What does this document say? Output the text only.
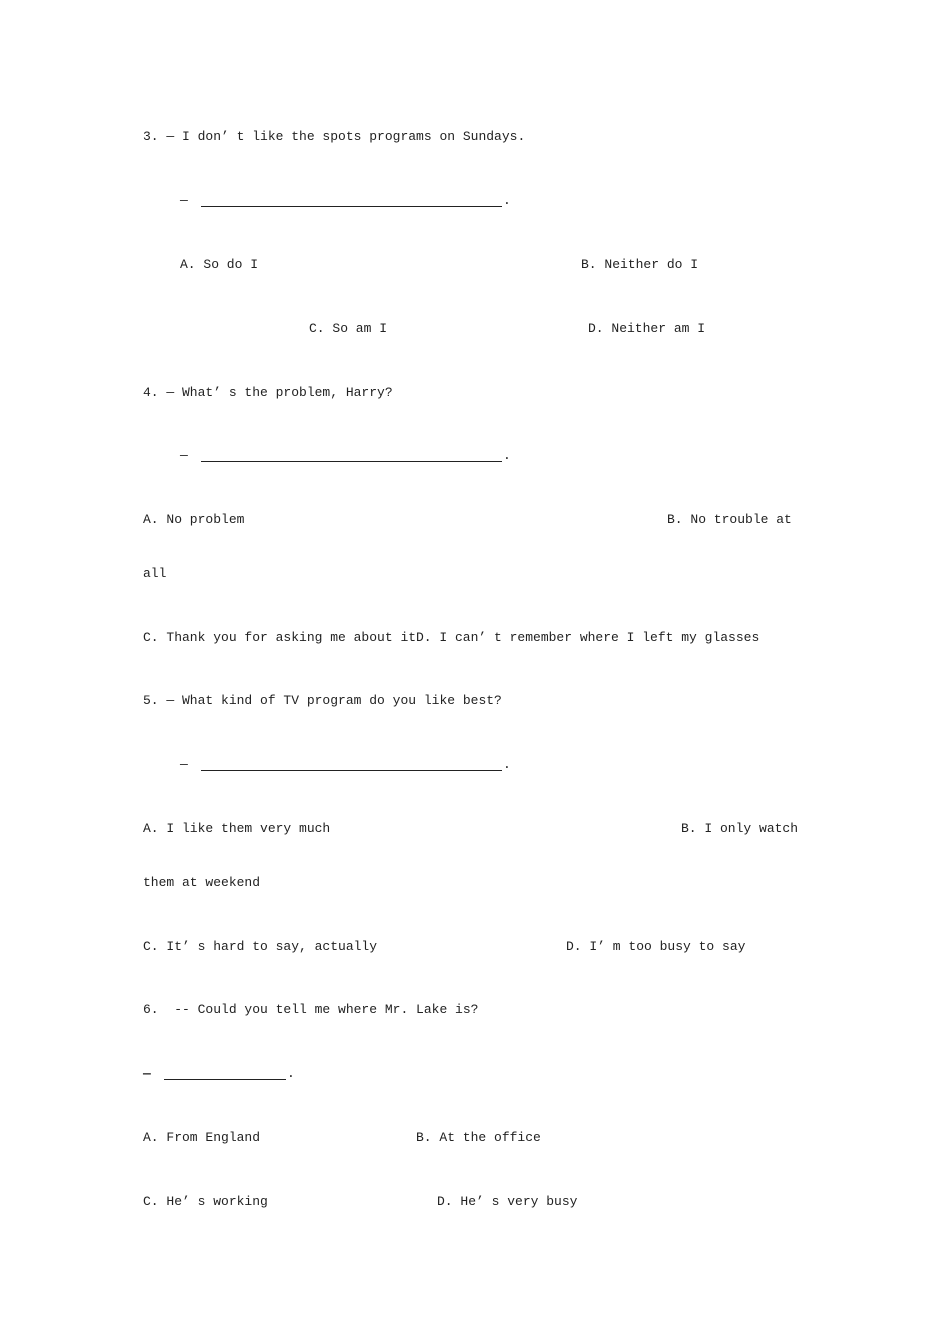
3. — I don’ t like the spots programs on Sundays.
—	.
A. So do I	B. Neither do I
C. So am I	D. Neither am I
4. — What’ s the problem, Harry?
—	.
A. No problem	B. No trouble at
all
C. Thank you for asking me about it D. I can’ t remember where I left my glasses
5. — What kind of TV program do you like best?
—	.
A. I like them very much	B. I only watch
them at weekend
C. It’ s hard to say, actually	D. I’ m too busy to say
6.  -- Could you tell me where Mr. Lake is?
—	.
A. From England	B. At the office
C. He’ s working	D. He’ s very busy
